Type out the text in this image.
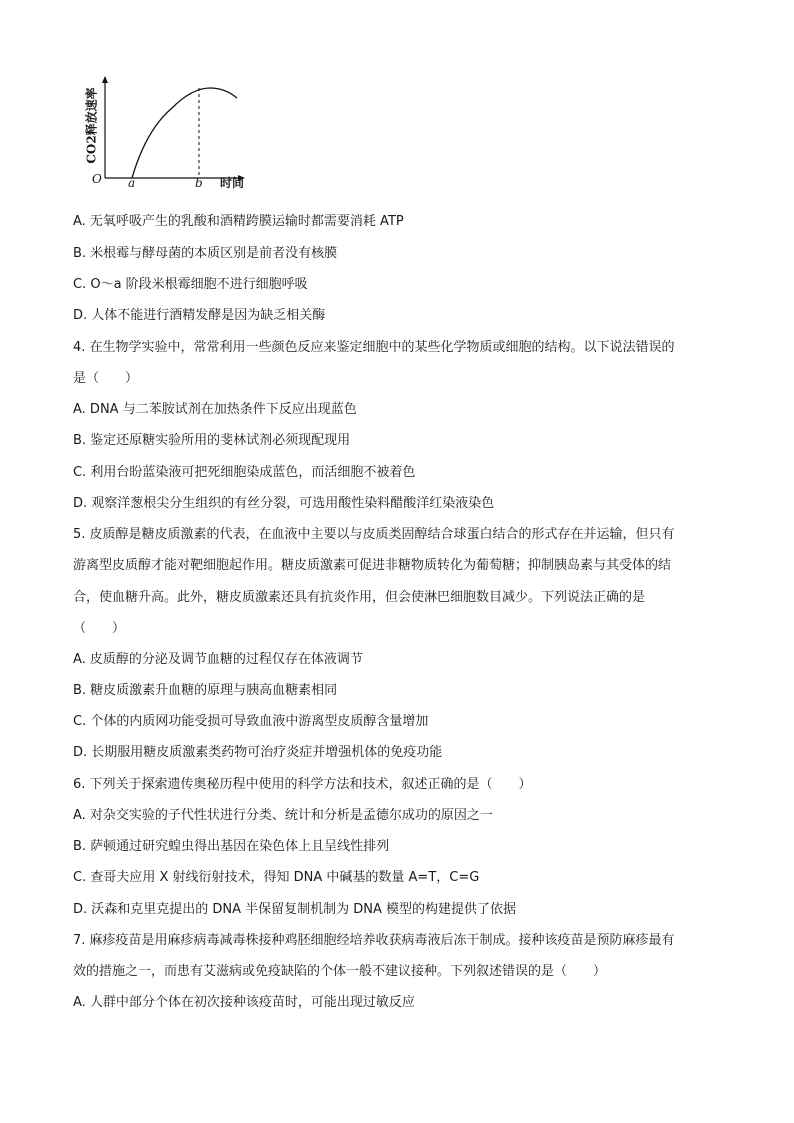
CO2释放速率
O a	b 时间
A. 无氧呼吸产生的乳酸和酒精跨膜运输时都需要消耗 ATP
B. 米根霉与酵母菌的本质区别是前者没有核膜
C. O～a 阶段米根霉细胞不进行细胞呼吸
D. 人体不能进行酒精发酵是因为缺乏相关酶
4. 在生物学实验中，常常利用一些颜色反应来鉴定细胞中的某些化学物质或细胞的结构。以下说法错误的
是（　　）
A. DNA 与二苯胺试剂在加热条件下反应出现蓝色
B. 鉴定还原糖实验所用的斐林试剂必须现配现用
C. 利用台盼蓝染液可把死细胞染成蓝色，而活细胞不被着色
D. 观察洋葱根尖分生组织的有丝分裂，可选用酸性染料醋酸洋红染液染色
5. 皮质醇是糖皮质激素的代表，在血液中主要以与皮质类固醇结合球蛋白结合的形式存在并运输，但只有
游离型皮质醇才能对靶细胞起作用。糖皮质激素可促进非糖物质转化为葡萄糖；抑制胰岛素与其受体的结
合，使血糖升高。此外，糖皮质激素还具有抗炎作用，但会使淋巴细胞数目减少。下列说法正确的是
（　　）
A. 皮质醇的分泌及调节血糖的过程仅存在体液调节
B. 糖皮质激素升血糖的原理与胰高血糖素相同
C. 个体的内质网功能受损可导致血液中游离型皮质醇含量增加
D. 长期服用糖皮质激素类药物可治疗炎症并增强机体的免疫功能
6. 下列关于探索遗传奥秘历程中使用的科学方法和技术，叙述正确的是（　　）
A. 对杂交实验的子代性状进行分类、统计和分析是孟德尔成功的原因之一
B. 萨顿通过研究蝗虫得出基因在染色体上且呈线性排列
C. 查哥夫应用 X 射线衍射技术，得知 DNA 中碱基的数量 A=T，C=G
D. 沃森和克里克提出的 DNA 半保留复制机制为 DNA 模型的构建提供了依据
7. 麻疹疫苗是用麻疹病毒减毒株接种鸡胚细胞经培养收获病毒液后冻干制成。接种该疫苗是预防麻疹最有
效的措施之一，而患有艾滋病或免疫缺陷的个体一般不建议接种。下列叙述错误的是（　　）
A. 人群中部分个体在初次接种该疫苗时，可能出现过敏反应
